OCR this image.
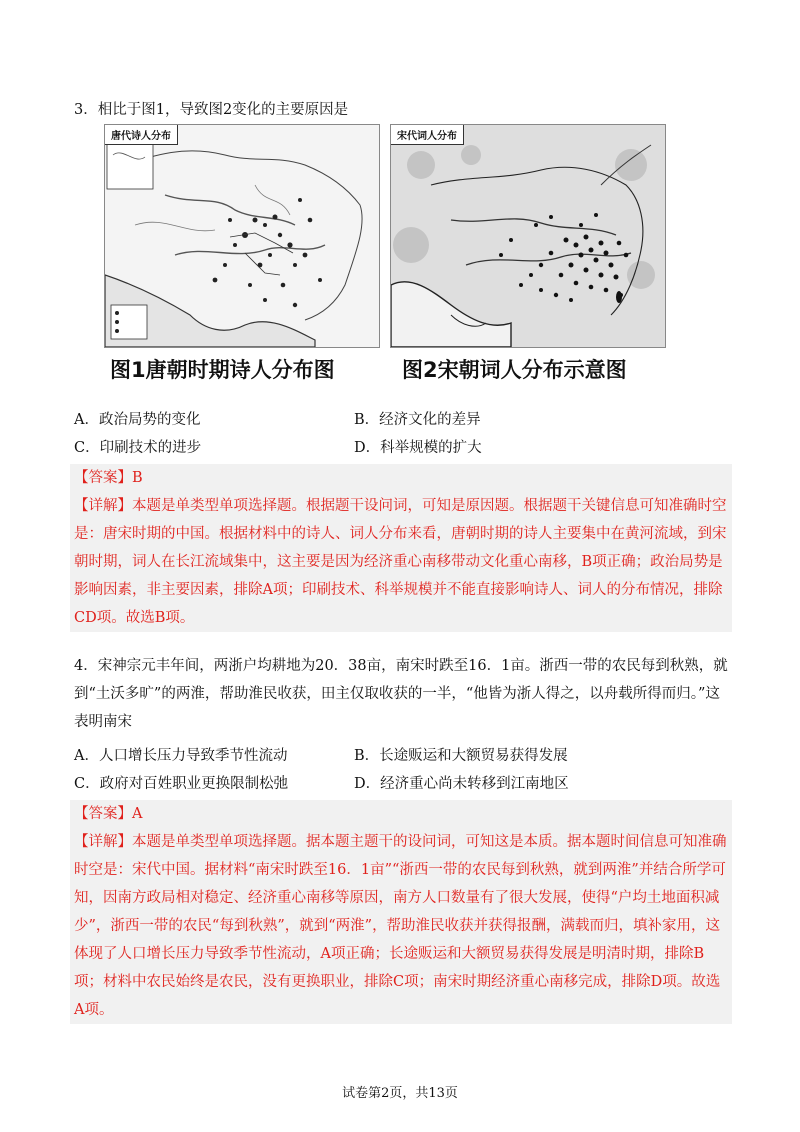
3．相比于图1，导致图2变化的主要原因是

唐代诗人分布	宋代词人分布
图1唐朝时期诗人分布图	图2宋朝词人分布示意图
A．政治局势的变化	B．经济文化的差异
C．印刷技术的进步	D．科举规模的扩大

【答案】B

【详解】本题是单类型单项选择题。根据题干设问词，可知是原因题。根据题干关键信息可知准确时空是：唐宋时期的中国。根据材料中的诗人、词人分布来看，唐朝时期的诗人主要集中在黄河流域，到宋朝时期，词人在长江流域集中，这主要是因为经济重心南移带动文化重心南移，B项正确；政治局势是影响因素，非主要因素，排除A项；印刷技术、科举规模并不能直接影响诗人、词人的分布情况，排除CD项。故选B项。

4．宋神宗元丰年间，两浙户均耕地为20．38亩，南宋时跌至16．1亩。浙西一带的农民每到秋熟，就到“土沃多旷”的两淮，帮助淮民收获，田主仅取收获的一半，“他皆为浙人得之，以舟载所得而归。”这表明南宋

A．人口增长压力导致季节性流动	B．长途贩运和大额贸易获得发展
C．政府对百姓职业更换限制松弛	D．经济重心尚未转移到江南地区

【答案】A

【详解】本题是单类型单项选择题。据本题主题干的设问词，可知这是本质。据本题时间信息可知准确时空是：宋代中国。据材料“南宋时跌至16．1亩”“浙西一带的农民每到秋熟，就到两淮”并结合所学可知，因南方政局相对稳定、经济重心南移等原因，南方人口数量有了很大发展，使得“户均土地面积减少”，浙西一带的农民“每到秋熟”，就到“两淮”，帮助淮民收获并获得报酬，满载而归，填补家用，这体现了人口增长压力导致季节性流动，A项正确；长途贩运和大额贸易获得发展是明清时期，排除B项；材料中农民始终是农民，没有更换职业，排除C项；南宋时期经济重心南移完成，排除D项。故选A项。

试卷第2页，共13页
